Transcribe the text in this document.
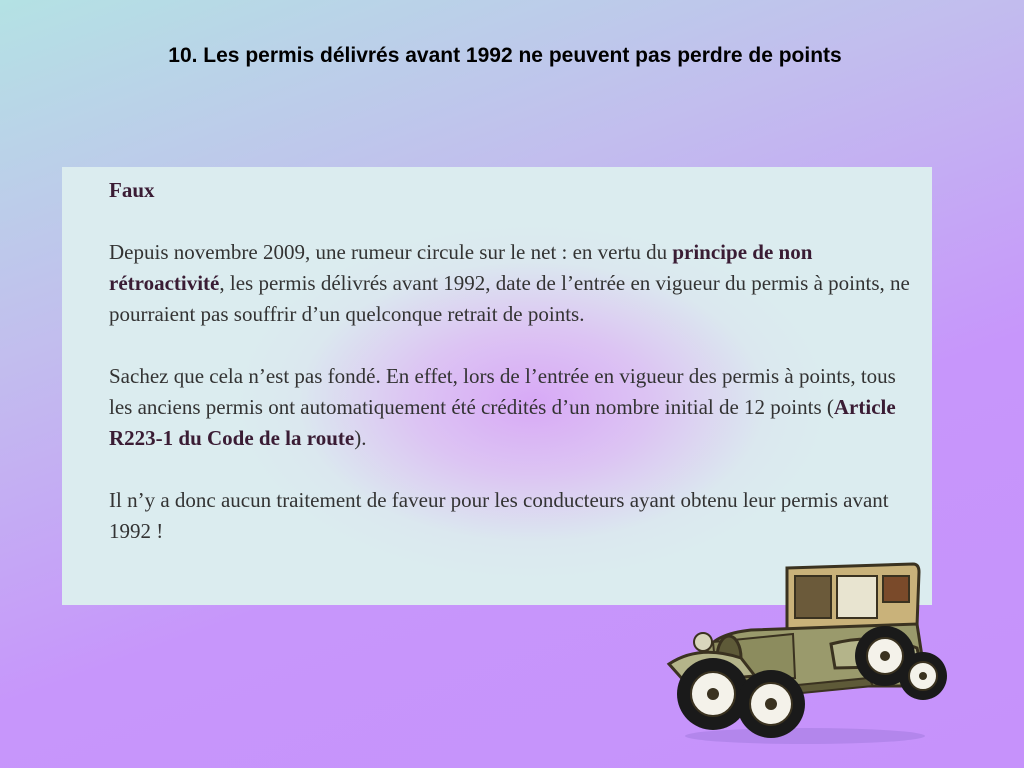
10. Les permis délivrés avant 1992 ne peuvent pas perdre de points

Faux

Depuis novembre 2009, une rumeur circule sur le net : en vertu du principe de non rétroactivité, les permis délivrés avant 1992, date de l’entrée en vigueur du permis à points, ne pourraient pas souffrir d’un quelconque retrait de points.

Sachez que cela n’est pas fondé. En effet, lors de l’entrée en vigueur des permis à points, tous les anciens permis ont automatiquement été crédités d’un nombre initial de 12 points (Article R223-1 du Code de la route).

Il n’y a donc aucun traitement de faveur pour les conducteurs ayant obtenu leur permis avant 1992 !
